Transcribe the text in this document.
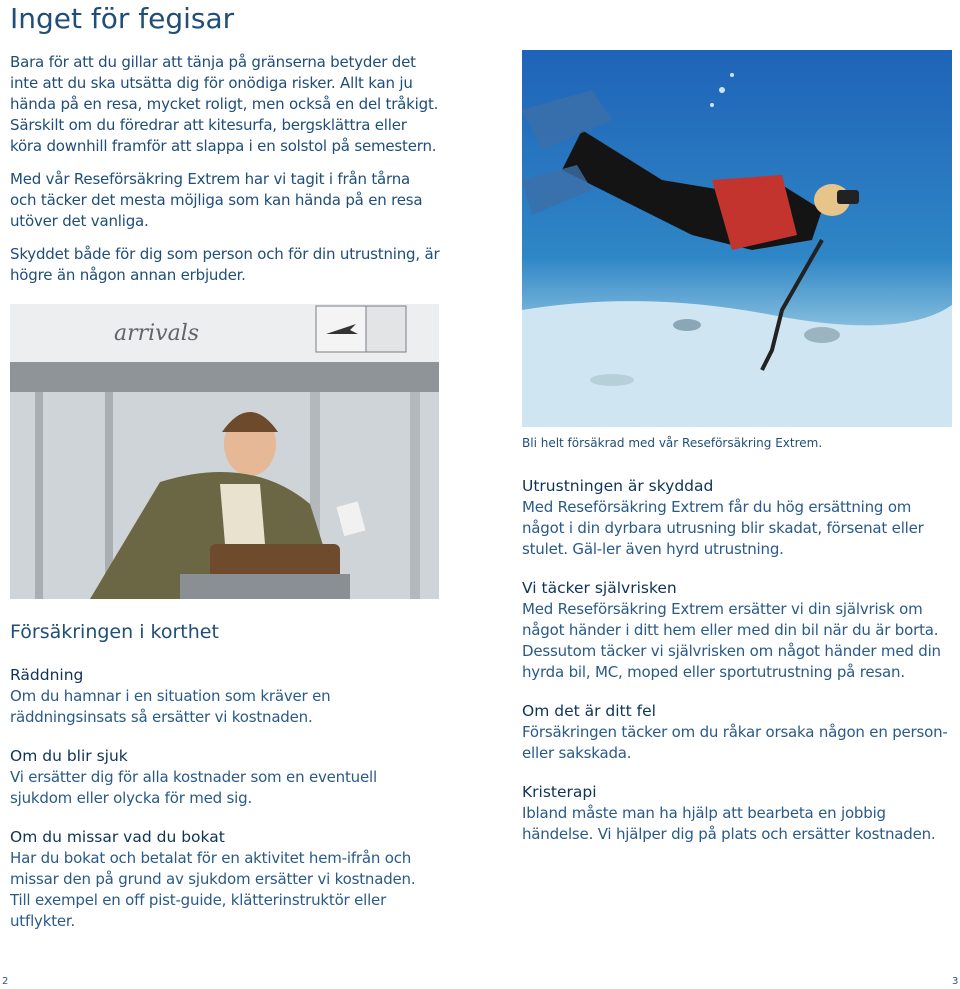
Inget för fegisar

Bara för att du gillar att tänja på gränserna betyder det inte att du ska utsätta dig för onödiga risker. Allt kan ju hända på en resa, mycket roligt, men också en del tråkigt. Särskilt om du föredrar att kitesurfa, bergsklättra eller köra downhill framför att slappa i en solstol på semestern.

Med vår Reseförsäkring Extrem har vi tagit i från tårna och täcker det mesta möjliga som kan hända på en resa utöver det vanliga.

Skyddet både för dig som person och för din utrustning, är högre än någon annan erbjuder.

arrivals
Försäkringen i korthet
Räddning

Om du hamnar i en situation som kräver en räddningsinsats så ersätter vi kostnaden.

Om du blir sjuk

Vi ersätter dig för alla kostnader som en eventuell sjukdom eller olycka för med sig.

Om du missar vad du bokat

Har du bokat och betalat för en aktivitet hem-ifrån och missar den på grund av sjukdom ersätter vi kostnaden. Till exempel en off pist-guide, klätterinstruktör eller utflykter.

2
Bli helt försäkrad med vår Reseförsäkring Extrem.
Utrustningen är skyddad

Med Reseförsäkring Extrem får du hög ersättning om något i din dyrbara utrusning blir skadat, försenat eller stulet. Gäl-ler även hyrd utrustning.

Vi täcker självrisken

Med Reseförsäkring Extrem ersätter vi din självrisk om något händer i ditt hem eller med din bil när du är borta. Dessutom täcker vi självrisken om något händer med din hyrda bil, MC, moped eller sportutrustning på resan.

Om det är ditt fel

Försäkringen täcker om du råkar orsaka någon en person-eller sakskada.

Kristerapi

Ibland måste man ha hjälp att bearbeta en jobbig händelse. Vi hjälper dig på plats och ersätter kostnaden.

3
